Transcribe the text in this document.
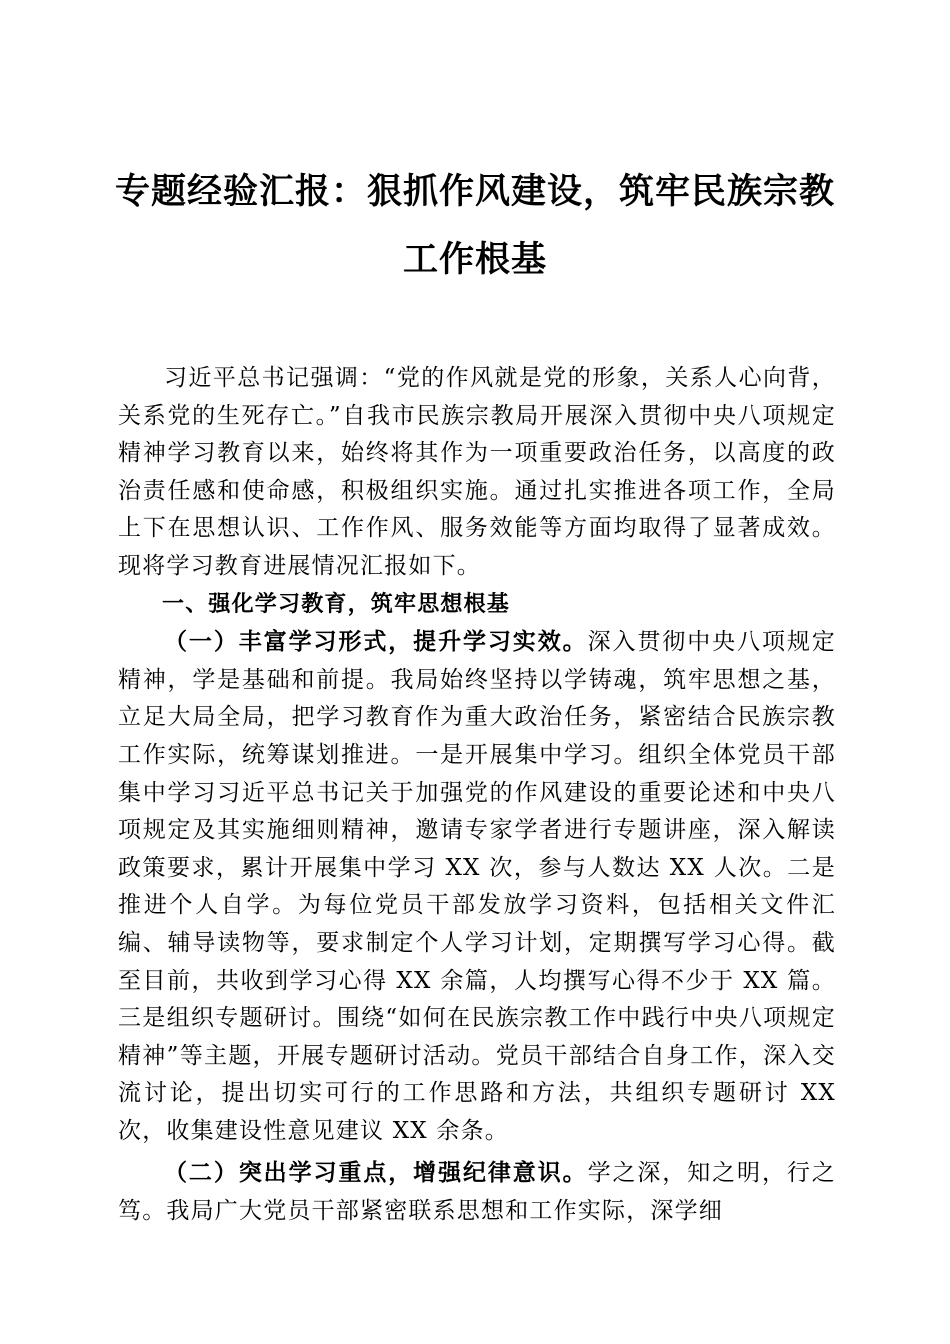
专题经验汇报：狠抓作风建设，筑牢民族宗教
工作根基

习近平总书记强调：“党的作风就是党的形象，关系人心向背，关系党的生死存亡。”自我市民族宗教局开展深入贯彻中央八项规定精神学习教育以来，始终将其作为一项重要政治任务，以高度的政治责任感和使命感，积极组织实施。通过扎实推进各项工作，全局上下在思想认识、工作作风、服务效能等方面均取得了显著成效。现将学习教育进展情况汇报如下。

一、强化学习教育，筑牢思想根基

（一）丰富学习形式，提升学习实效。深入贯彻中央八项规定精神，学是基础和前提。我局始终坚持以学铸魂，筑牢思想之基，立足大局全局，把学习教育作为重大政治任务，紧密结合民族宗教工作实际，统筹谋划推进。一是开展集中学习。组织全体党员干部集中学习习近平总书记关于加强党的作风建设的重要论述和中央八项规定及其实施细则精神，邀请专家学者进行专题讲座，深入解读政策要求，累计开展集中学习 XX 次，参与人数达 XX 人次。二是推进个人自学。为每位党员干部发放学习资料，包括相关文件汇编、辅导读物等，要求制定个人学习计划，定期撰写学习心得。截至目前，共收到学习心得 XX 余篇，人均撰写心得不少于 XX 篇。三是组织专题研讨。围绕“如何在民族宗教工作中践行中央八项规定精神”等主题，开展专题研讨活动。党员干部结合自身工作，深入交流讨论，提出切实可行的工作思路和方法，共组织专题研讨 XX 次，收集建设性意见建议 XX 余条。

（二）突出学习重点，增强纪律意识。学之深，知之明，行之笃。我局广大党员干部紧密联系思想和工作实际，深学细
